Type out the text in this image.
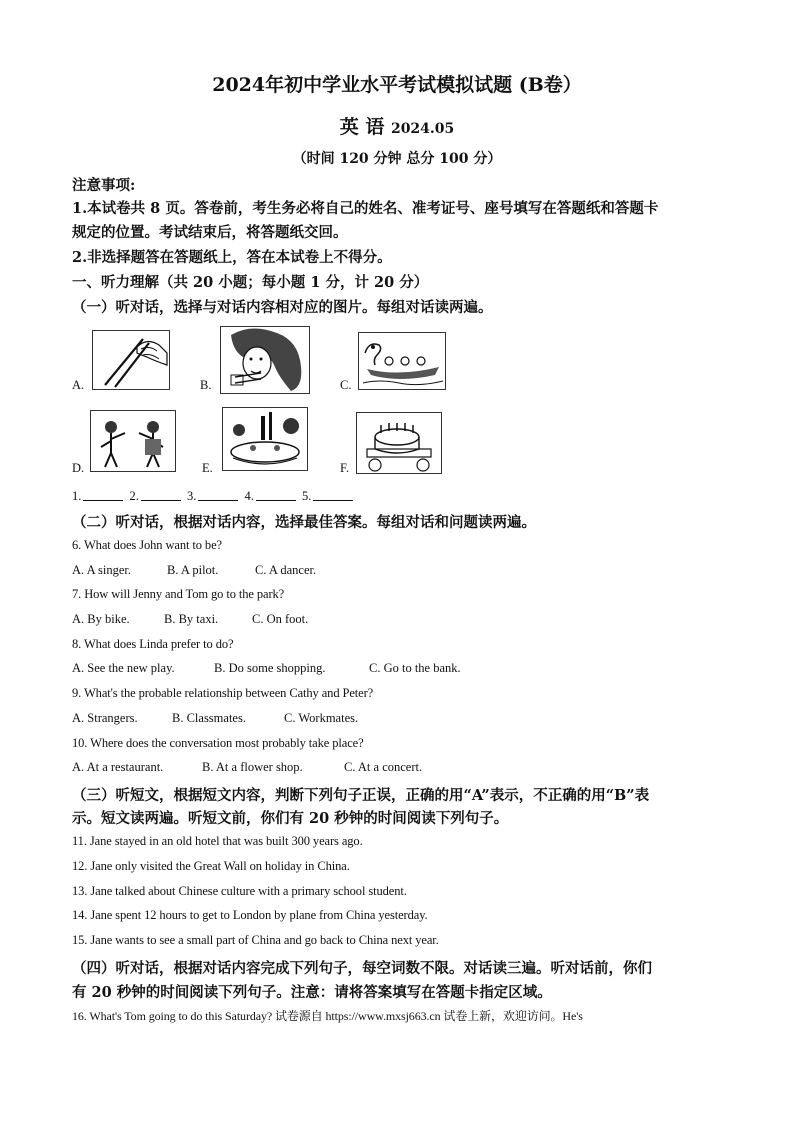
2024年初中学业水平考试模拟试题 (B卷）
英 语 2024.05
（时间 120 分钟 总分 100 分）
注意事项:
1.本试卷共 8 页。答卷前，考生务必将自己的姓名、准考证号、座号填写在答题纸和答题卡
规定的位置。考试结束后，将答题纸交回。
2.非选择题答在答题纸上，答在本试卷上不得分。
一、听力理解（共 20 小题；每小题 1 分，计 20 分）
（一）听对话，选择与对话内容相对应的图片。每组对话读两遍。
A.	B.	C.
D.	E.	F.
1.	2.	3.	4.	5.
（二）听对话，根据对话内容，选择最佳答案。每组对话和问题读两遍。
6. What does John want to be?
A. A singer.	B. A pilot.	C. A dancer.
7. How will Jenny and Tom go to the park?
A. By bike.	B. By taxi.	C. On foot.
8. What does Linda prefer to do?
A. See the new play.	B. Do some shopping.	C. Go to the bank.
9. What's the probable relationship between Cathy and Peter?
A. Strangers.	B. Classmates.	C. Workmates.
10. Where does the conversation most probably take place?
A. At a restaurant.	B. At a flower shop.	C. At a concert.
（三）听短文，根据短文内容，判断下列句子正误，正确的用“A”表示，不正确的用“B”表
示。短文读两遍。听短文前，你们有 20 秒钟的时间阅读下列句子。
11. Jane stayed in an old hotel that was built 300 years ago.
12. Jane only visited the Great Wall on holiday in China.
13. Jane talked about Chinese culture with a primary school student.
14. Jane spent 12 hours to get to London by plane from China yesterday.
15. Jane wants to see a small part of China and go back to China next year.
（四）听对话，根据对话内容完成下列句子，每空词数不限。对话读三遍。听对话前，你们
有 20 秒钟的时间阅读下列句子。注意：请将答案填写在答题卡指定区域。
16. What's Tom going to do this Saturday? 试卷源自 https://www.mxsj663.cn 试卷上新，欢迎访问。He's
